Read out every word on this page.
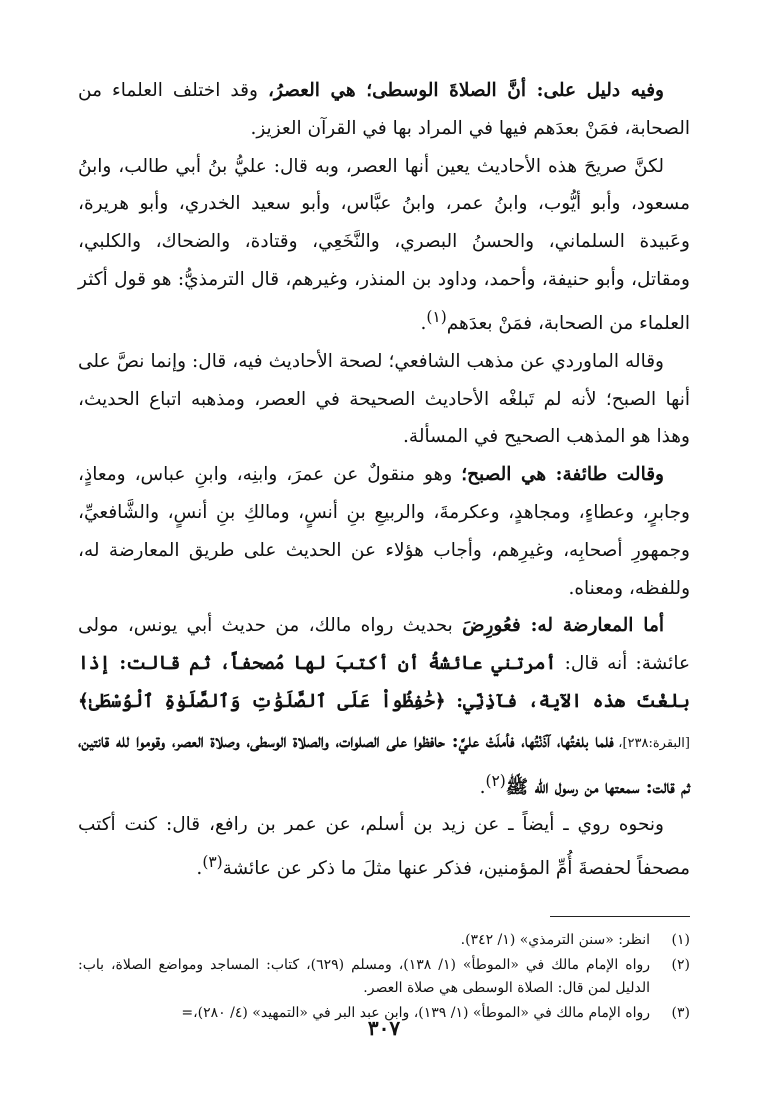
وفيه دليل على: أنَّ الصلاةَ الوسطى؛ هي العصرُ، وقد اختلف العلماء من الصحابة، فمَنْ بعدَهم فيها في المراد بها في القرآن العزيز.

لكنَّ صريحَ هذه الأحاديث يعين أنها العصر، وبه قال: عليُّ بنُ أبي طالب، وابنُ مسعود، وأبو أيُّوب، وابنُ عمر، وابنُ عبَّاس، وأبو سعيد الخدري، وأبو هريرة، وعَبيدة السلماني، والحسنُ البصري، والنَّخَعِي، وقتادة، والضحاك، والكلبي، ومقاتل، وأبو حنيفة، وأحمد، وداود بن المنذر، وغيرهم، قال الترمذيُّ: هو قول أكثر العلماء من الصحابة، فمَنْ بعدَهم$^{(١)}$.

وقاله الماوردي عن مذهب الشافعي؛ لصحة الأحاديث فيه، قال: وإنما نصَّ على أنها الصبح؛ لأنه لم تَبلغْه الأحاديث الصحيحة في العصر، ومذهبه اتباع الحديث، وهذا هو المذهب الصحيح في المسألة.

وقالت طائفة: هي الصبح؛ وهو منقولٌ عن عمرَ، وابنِه، وابنِ عباس، ومعاذٍ، وجابرٍ، وعطاءٍ، ومجاهدٍ، وعكرمةَ، والربيعِ بنِ أنسٍ، ومالكِ بنِ أنسٍ، والشَّافعيِّ، وجمهورِ أصحابِه، وغيرِهم، وأجاب هؤلاء عن الحديث على طريق المعارضة له، وللفظه، ومعناه.

أما المعارضة له: فعُورِضَ بحديث رواه مالك، من حديث أبي يونس، مولى عائشة: أنه قال: أمرتني عائشةُ أن أكتبَ لها مُصحفاً، ثم قالت: إذا بلغْتَ هذه الآية، فآذِنِّي: ﴿حَٰفِظُواْ عَلَى ٱلصَّلَوَٰتِ وَٱلصَّلَوٰةِ ٱلْوُسْطَىٰ﴾ [البقرة:٢٣٨]، فلما بلغتُها، آذَنْتُها، فأملَتْ عليَّ: حافظوا على الصلوات، والصلاة الوسطى، وصلاة العصر، وقوموا لله قانتين، ثم قالت: سمعتها من رسول الله ﷺ$^{(٢)}$.

ونحوه روي ـ أيضاً ـ عن زيد بن أسلم، عن عمر بن رافع، قال: كنت أكتب مصحفاً لحفصةَ أُمِّ المؤمنين، فذكر عنها مثلَ ما ذكر عن عائشة$^{(٣)}$.

(١)
انظر: «سنن الترمذي» (١/ ٣٤٢).
(٢)
رواه الإمام مالك في «الموطأ» (١/ ١٣٨)، ومسلم (٦٢٩)، كتاب: المساجد ومواضع الصلاة، باب: الدليل لمن قال: الصلاة الوسطى هي صلاة العصر.
(٣)
رواه الإمام مالك في «الموطأ» (١/ ١٣٩)، وابن عبد البر في «التمهيد» (٤/ ٢٨٠)،=
٣٠٧
